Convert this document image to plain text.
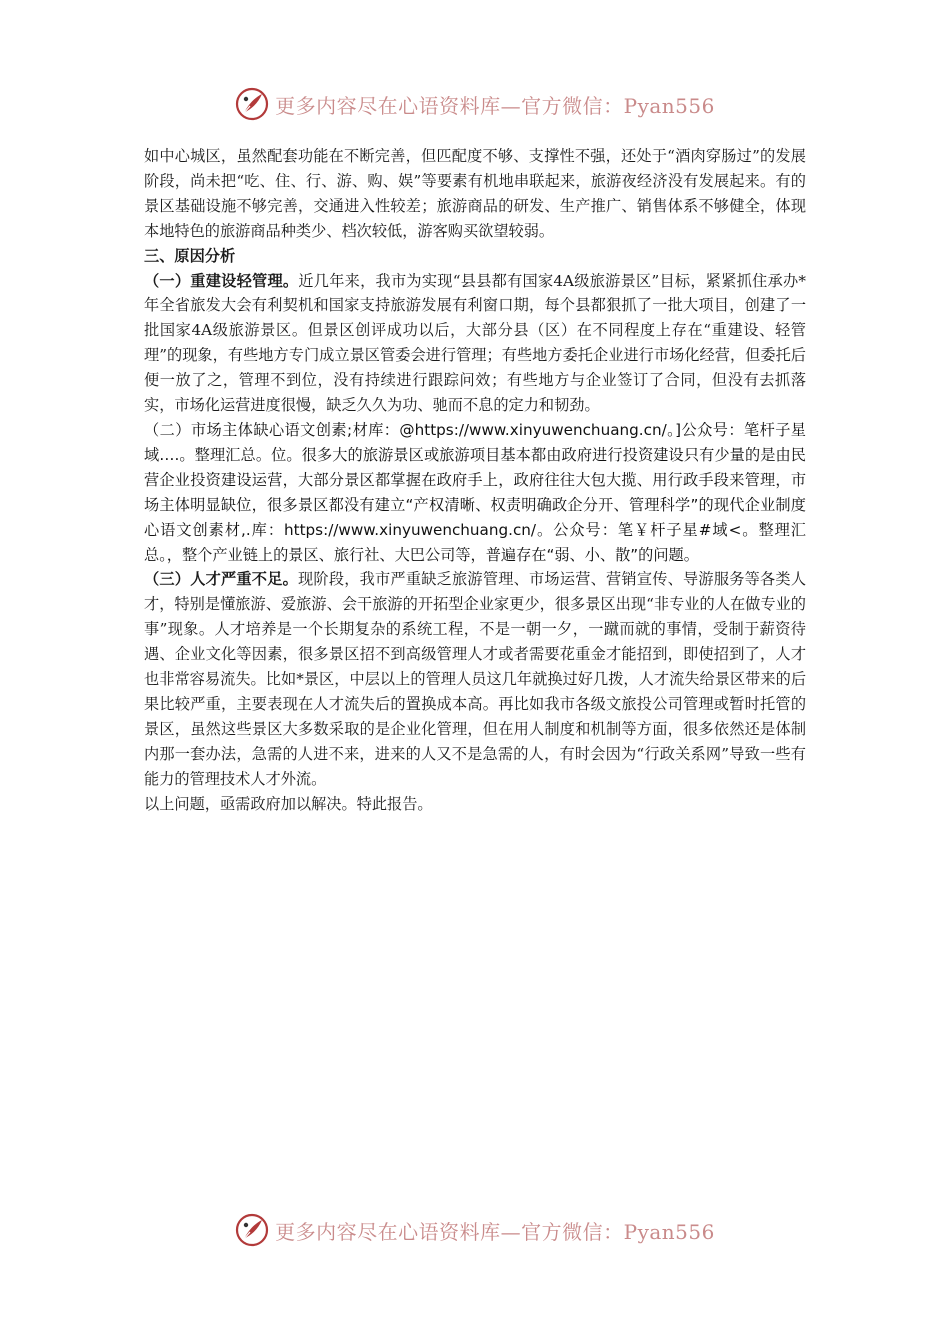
更多内容尽在心语资料库—官方微信：Pyan556

如中心城区，虽然配套功能在不断完善，但匹配度不够、支撑性不强，还处于“酒肉穿肠过”的发展阶段，尚未把“吃、住、行、游、购、娱”等要素有机地串联起来，旅游夜经济没有发展起来。有的景区基础设施不够完善，交通进入性较差；旅游商品的研发、生产推广、销售体系不够健全，体现本地特色的旅游商品种类少、档次较低，游客购买欲望较弱。

三、原因分析

（一）重建设轻管理。近几年来，我市为实现“县县都有国家4A级旅游景区”目标，紧紧抓住承办*年全省旅发大会有利契机和国家支持旅游发展有利窗口期，每个县都狠抓了一批大项目，创建了一批国家4A级旅游景区。但景区创评成功以后，大部分县（区）在不同程度上存在“重建设、轻管理”的现象，有些地方专门成立景区管委会进行管理；有些地方委托企业进行市场化经营，但委托后便一放了之，管理不到位，没有持续进行跟踪问效；有些地方与企业签订了合同，但没有去抓落实，市场化运营进度很慢，缺乏久久为功、驰而不息的定力和韧劲。

（二）市场主体缺心语文创素;材库：@https://www.xinyuwenchuang.cn/。]公众号：笔杆子星域….。整理汇总。位。很多大的旅游景区或旅游项目基本都由政府进行投资建设只有少量的是由民营企业投资建设运营，大部分景区都掌握在政府手上，政府往往大包大揽、用行政手段来管理，市场主体明显缺位，很多景区都没有建立“产权清晰、权责明确政企分开、管理科学”的现代企业制度心语文创素材,.库：https://www.xinyuwenchuang.cn/。公众号：笔￥杆子星#域<。整理汇总。，整个产业链上的景区、旅行社、大巴公司等，普遍存在“弱、小、散”的问题。

（三）人才严重不足。现阶段，我市严重缺乏旅游管理、市场运营、营销宣传、导游服务等各类人才，特别是懂旅游、爱旅游、会干旅游的开拓型企业家更少，很多景区出现“非专业的人在做专业的事”现象。人才培养是一个长期复杂的系统工程，不是一朝一夕，一蹴而就的事情，受制于薪资待遇、企业文化等因素，很多景区招不到高级管理人才或者需要花重金才能招到，即使招到了，人才也非常容易流失。比如*景区，中层以上的管理人员这几年就换过好几拨，人才流失给景区带来的后果比较严重，主要表现在人才流失后的置换成本高。再比如我市各级文旅投公司管理或暂时托管的景区，虽然这些景区大多数采取的是企业化管理，但在用人制度和机制等方面，很多依然还是体制内那一套办法，急需的人进不来，进来的人又不是急需的人，有时会因为“行政关系网”导致一些有能力的管理技术人才外流。

以上问题，亟需政府加以解决。特此报告。

更多内容尽在心语资料库—官方微信：Pyan556
